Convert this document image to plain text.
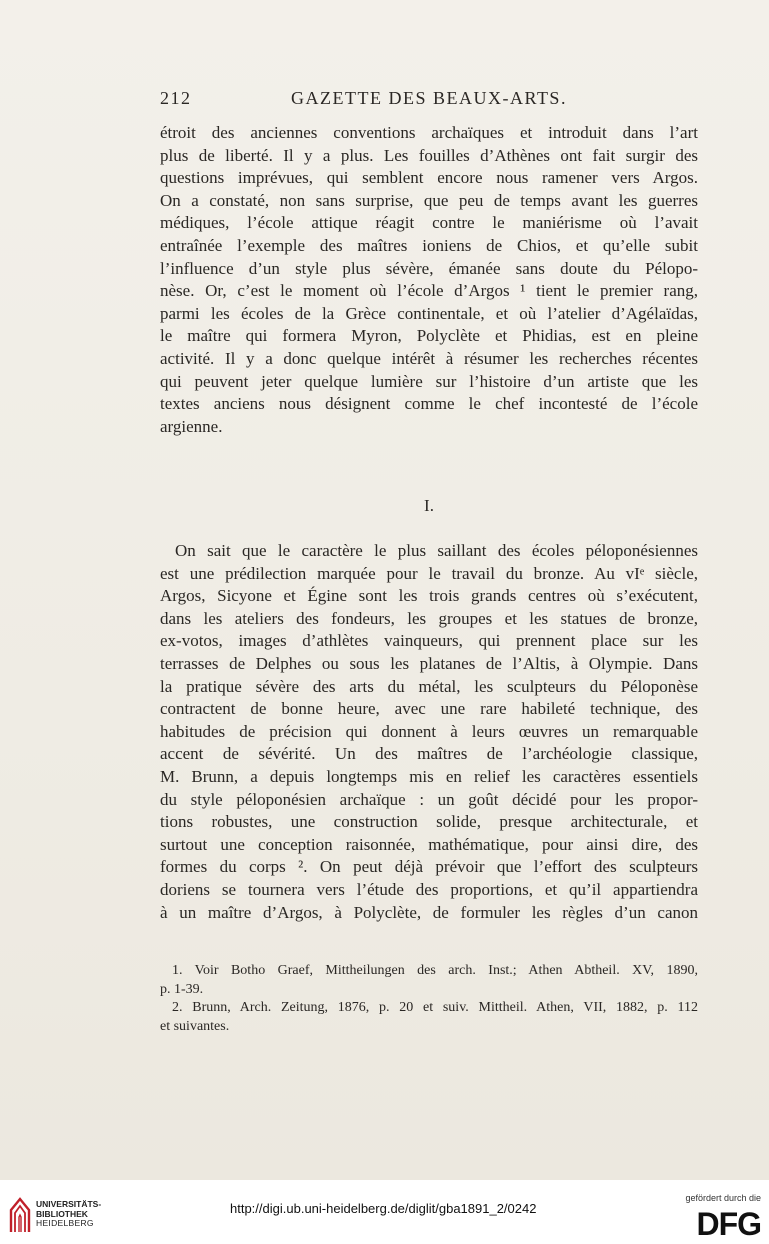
212	GAZETTE DES BEAUX-ARTS.

étroit des anciennes conventions archaïques et introduit dans l’art
plus de liberté. Il y a plus. Les fouilles d’Athènes ont fait surgir des
questions imprévues, qui semblent encore nous ramener vers Argos.
On a constaté, non sans surprise, que peu de temps avant les guerres
médiques, l’école attique réagit contre le maniérisme où l’avait
entraînée l’exemple des maîtres ioniens de Chios, et qu’elle subit
l’influence d’un style plus sévère, émanée sans doute du Pélopo-
nèse. Or, c’est le moment où l’école d’Argos ¹ tient le premier rang,
parmi les écoles de la Grèce continentale, et où l’atelier d’Agélaïdas,
le maître qui formera Myron, Polyclète et Phidias, est en pleine
activité. Il y a donc quelque intérêt à résumer les recherches récentes
qui peuvent jeter quelque lumière sur l’histoire d’un artiste que les
textes anciens nous désignent comme le chef incontesté de l’école
argienne.

I.

On sait que le caractère le plus saillant des écoles péloponésiennes
est une prédilection marquée pour le travail du bronze. Au vIᵉ siècle,
Argos, Sicyone et Égine sont les trois grands centres où s’exécutent,
dans les ateliers des fondeurs, les groupes et les statues de bronze,
ex-votos, images d’athlètes vainqueurs, qui prennent place sur les
terrasses de Delphes ou sous les platanes de l’Altis, à Olympie. Dans
la pratique sévère des arts du métal, les sculpteurs du Péloponèse
contractent de bonne heure, avec une rare habileté technique, des
habitudes de précision qui donnent à leurs œuvres un remarquable
accent de sévérité. Un des maîtres de l’archéologie classique,
M. Brunn, a depuis longtemps mis en relief les caractères essentiels
du style péloponésien archaïque : un goût décidé pour les propor-
tions robustes, une construction solide, presque architecturale, et
surtout une conception raisonnée, mathématique, pour ainsi dire, des
formes du corps ². On peut déjà prévoir que l’effort des sculpteurs
doriens se tournera vers l’étude des proportions, et qu’il appartiendra
à un maître d’Argos, à Polyclète, de formuler les règles d’un canon

1. Voir Botho Graef, Mittheilungen des arch. Inst.; Athen Abtheil. XV, 1890,
p. 1-39.
2. Brunn, Arch. Zeitung, 1876, p. 20 et suiv. Mittheil. Athen, VII, 1882, p. 112
et suivantes.

UNIVERSITÄTS-
BIBLIOTHEK
HEIDELBERG
http://digi.ub.uni-heidelberg.de/diglit/gba1891_2/0242
gefördert durch die
DFG
